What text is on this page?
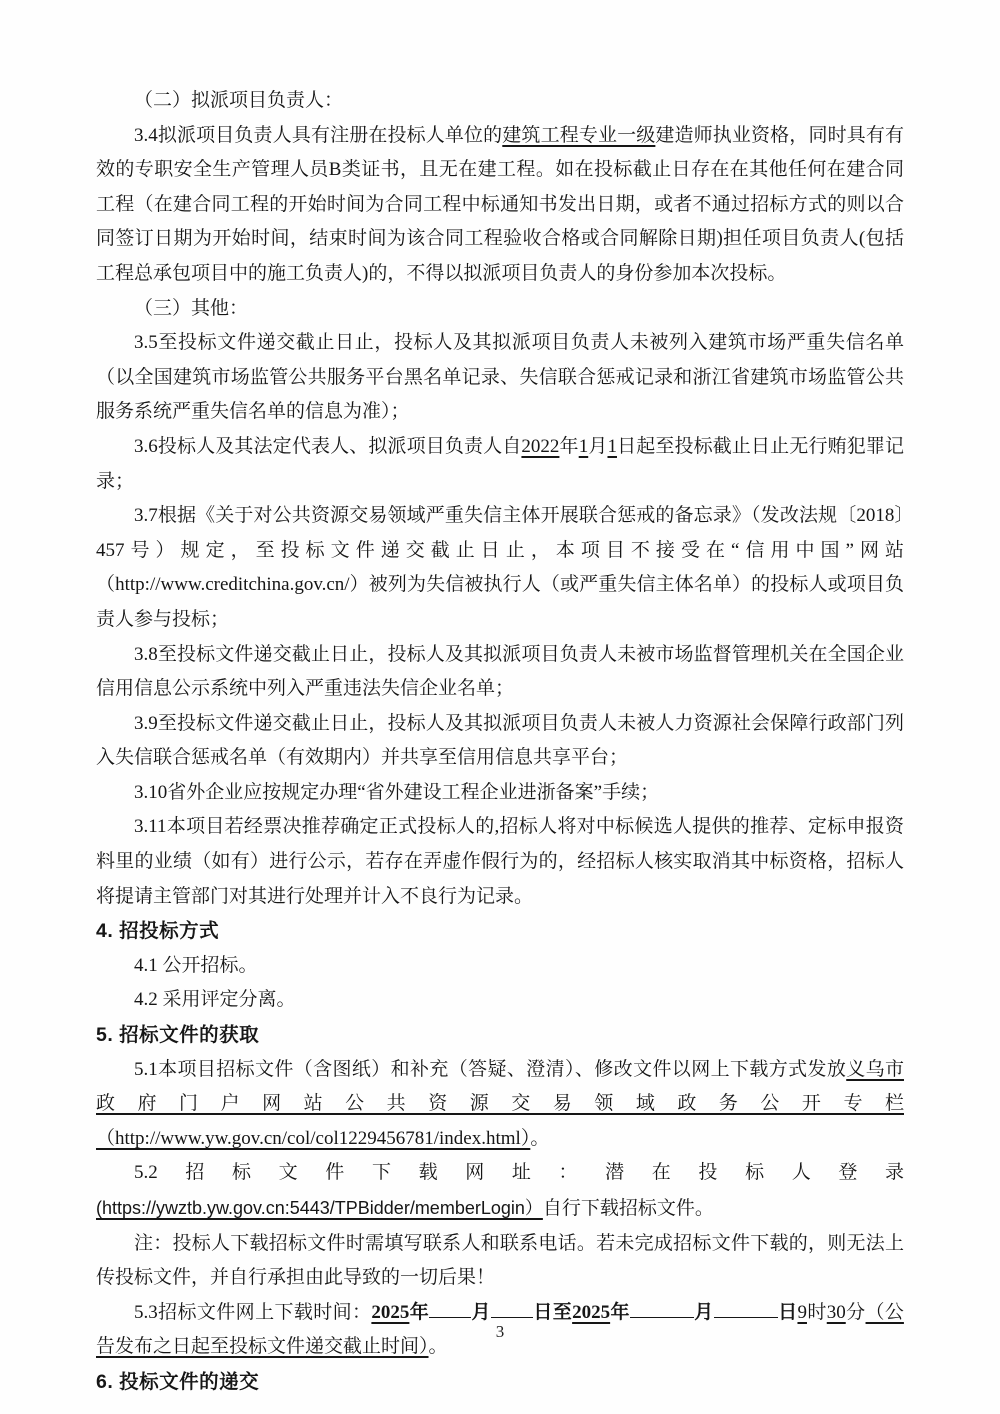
（二）拟派项目负责人：
3.4拟派项目负责人具有注册在投标人单位的建筑工程专业一级建造师执业资格，同时具有有效的专职安全生产管理人员B类证书，且无在建工程。如在投标截止日存在在其他任何在建合同工程（在建合同工程的开始时间为合同工程中标通知书发出日期，或者不通过招标方式的则以合同签订日期为开始时间，结束时间为该合同工程验收合格或合同解除日期)担任项目负责人(包括工程总承包项目中的施工负责人)的，不得以拟派项目负责人的身份参加本次投标。
（三）其他：
3.5至投标文件递交截止日止，投标人及其拟派项目负责人未被列入建筑市场严重失信名单（以全国建筑市场监管公共服务平台黑名单记录、失信联合惩戒记录和浙江省建筑市场监管公共服务系统严重失信名单的信息为准）；
3.6投标人及其法定代表人、拟派项目负责人自2022年1月1日起至投标截止日止无行贿犯罪记录；
3.7根据《关于对公共资源交易领域严重失信主体开展联合惩戒的备忘录》（发改法规〔2018〕457号）规定，至投标文件递交截止日止，本项目不接受在“信用中国”网站（http://www.creditchina.gov.cn/）被列为失信被执行人（或严重失信主体名单）的投标人或项目负责人参与投标；
3.8至投标文件递交截止日止，投标人及其拟派项目负责人未被市场监督管理机关在全国企业信用信息公示系统中列入严重违法失信企业名单；
3.9至投标文件递交截止日止，投标人及其拟派项目负责人未被人力资源社会保障行政部门列入失信联合惩戒名单（有效期内）并共享至信用信息共享平台；
3.10省外企业应按规定办理“省外建设工程企业进浙备案”手续；
3.11本项目若经票决推荐确定正式投标人的,招标人将对中标候选人提供的推荐、定标申报资料里的业绩（如有）进行公示，若存在弄虚作假行为的，经招标人核实取消其中标资格，招标人将提请主管部门对其进行处理并计入不良行为记录。
4. 招投标方式
4.1 公开招标。
4.2 采用评定分离。
5. 招标文件的获取
5.1本项目招标文件（含图纸）和补充（答疑、澄清）、修改文件以网上下载方式发放义乌市政府门户网站公共资源交易领域政务公开专栏（http://www.yw.gov.cn/col/col1229456781/index.html）。
5.2招标文件下载网址：潜在投标人登录(https://ywztb.yw.gov.cn:5443/TPBidder/memberLogin）自行下载招标文件。
注：投标人下载招标文件时需填写联系人和联系电话。若未完成招标文件下载的，则无法上传投标文件，并自行承担由此导致的一切后果！
5.3招标文件网上下载时间：2025年 月 日至2025年	月	日9时30分（公告发布之日起至投标文件递交截止时间）。
6. 投标文件的递交
3
